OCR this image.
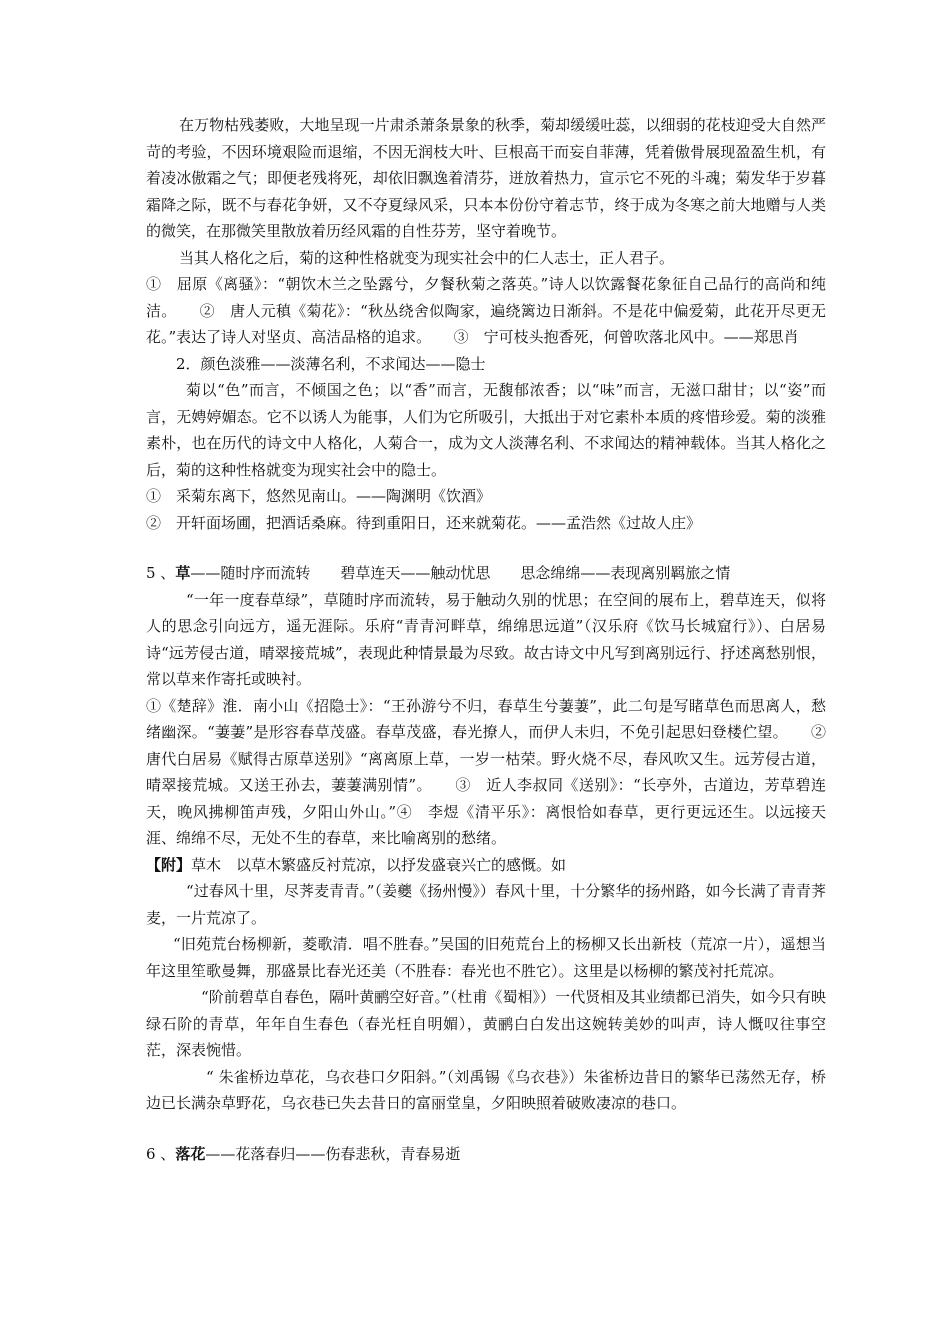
在万物枯残萎败，大地呈现一片肃杀萧条景象的秋季，菊却缓缓吐蕊，以细弱的花枝迎受大自然严苛的考验，不因环境艰险而退缩，不因无润枝大叶、巨根高干而妄自菲薄，凭着傲骨展现盈盈生机，有着凌冰傲霜之气；即便老残将死，却依旧飘逸着清芬，迸放着热力，宣示它不死的斗魂；菊发华于岁暮霜降之际，既不与春花争妍，又不夺夏绿风采，只本本份份守着志节，终于成为冬寒之前大地赠与人类的微笑，在那微笑里散放着历经风霜的自性芬芳，坚守着晚节。

当其人格化之后，菊的这种性格就变为现实社会中的仁人志士，正人君子。

①　屈原《离骚》：“朝饮木兰之坠露兮，夕餐秋菊之落英。”诗人以饮露餐花象征自己品行的高尚和纯洁。　　②　唐人元稹《菊花》：“秋丛绕舍似陶家，遍绕篱边日渐斜。不是花中偏爱菊，此花开尽更无花。”表达了诗人对坚贞、高洁品格的追求。　　③　宁可枝头抱香死，何曾吹落北风中。——郑思肖

2．颜色淡雅——淡薄名利，不求闻达——隐士

菊以“色”而言，不倾国之色；以“香”而言，无馥郁浓香；以“味”而言，无滋口甜甘；以“姿”而言，无娉婷媚态。它不以诱人为能事，人们为它所吸引，大抵出于对它素朴本质的疼惜珍爱。菊的淡雅素朴，也在历代的诗文中人格化，人菊合一，成为文人淡薄名利、不求闻达的精神载体。当其人格化之后，菊的这种性格就变为现实社会中的隐士。

①　采菊东离下，悠然见南山。——陶渊明《饮酒》

②　开轩面场圃，把酒话桑麻。待到重阳日，还来就菊花。——孟浩然《过故人庄》

5 、草——随时序而流转　　碧草连天——触动忧思　　思念绵绵——表现离别羁旅之情

“一年一度春草绿”，草随时序而流转，易于触动久别的忧思；在空间的展布上，碧草连天，似将人的思念引向远方，遥无涯际。乐府“青青河畔草，绵绵思远道”（汉乐府《饮马长城窟行》）、白居易诗“远芳侵古道，晴翠接荒城”，表现此种情景最为尽致。故古诗文中凡写到离别远行、抒述离愁别恨，常以草来作寄托或映衬。

①《楚辞》淮．南小山《招隐士》：“王孙游兮不归，春草生兮萋萋”，此二句是写睹草色而思离人，愁绪幽深。“萋萋”是形容春草茂盛。春草茂盛，春光撩人，而伊人未归，不免引起思妇登楼伫望。　　②　唐代白居易《赋得古原草送别》“离离原上草，一岁一枯荣。野火烧不尽，春风吹又生。远芳侵古道，晴翠接荒城。又送王孙去，萋萋满别情”。　　③　近人李叔同《送别》：“长亭外，古道边，芳草碧连天，晚风拂柳笛声残，夕阳山外山。”④　李煜《清平乐》：离恨恰如春草，更行更远还生。以远接天涯、绵绵不尽，无处不生的春草，来比喻离别的愁绪。

【附】草木　以草木繁盛反衬荒凉，以抒发盛衰兴亡的感慨。如

“过春风十里，尽荠麦青青。”（姜夔《扬州慢》）春风十里，十分繁华的扬州路，如今长满了青青荠麦，一片荒凉了。

“旧苑荒台杨柳新，菱歌清．唱不胜春。”吴国的旧苑荒台上的杨柳又长出新枝（荒凉一片），遥想当年这里笙歌曼舞，那盛景比春光还美（不胜春：春光也不胜它）。这里是以杨柳的繁茂衬托荒凉。

“阶前碧草自春色，隔叶黄鹂空好音。”（杜甫《蜀相》）一代贤相及其业绩都已消失，如今只有映绿石阶的青草，年年自生春色（春光枉自明媚），黄鹂白白发出这婉转美妙的叫声，诗人慨叹往事空茫，深表惋惜。

“ 朱雀桥边草花，乌衣巷口夕阳斜。”（刘禹锡《乌衣巷》）朱雀桥边昔日的繁华已荡然无存，桥边已长满杂草野花，乌衣巷已失去昔日的富丽堂皇，夕阳映照着破败凄凉的巷口。

6 、落花——花落春归——伤春悲秋，青春易逝
